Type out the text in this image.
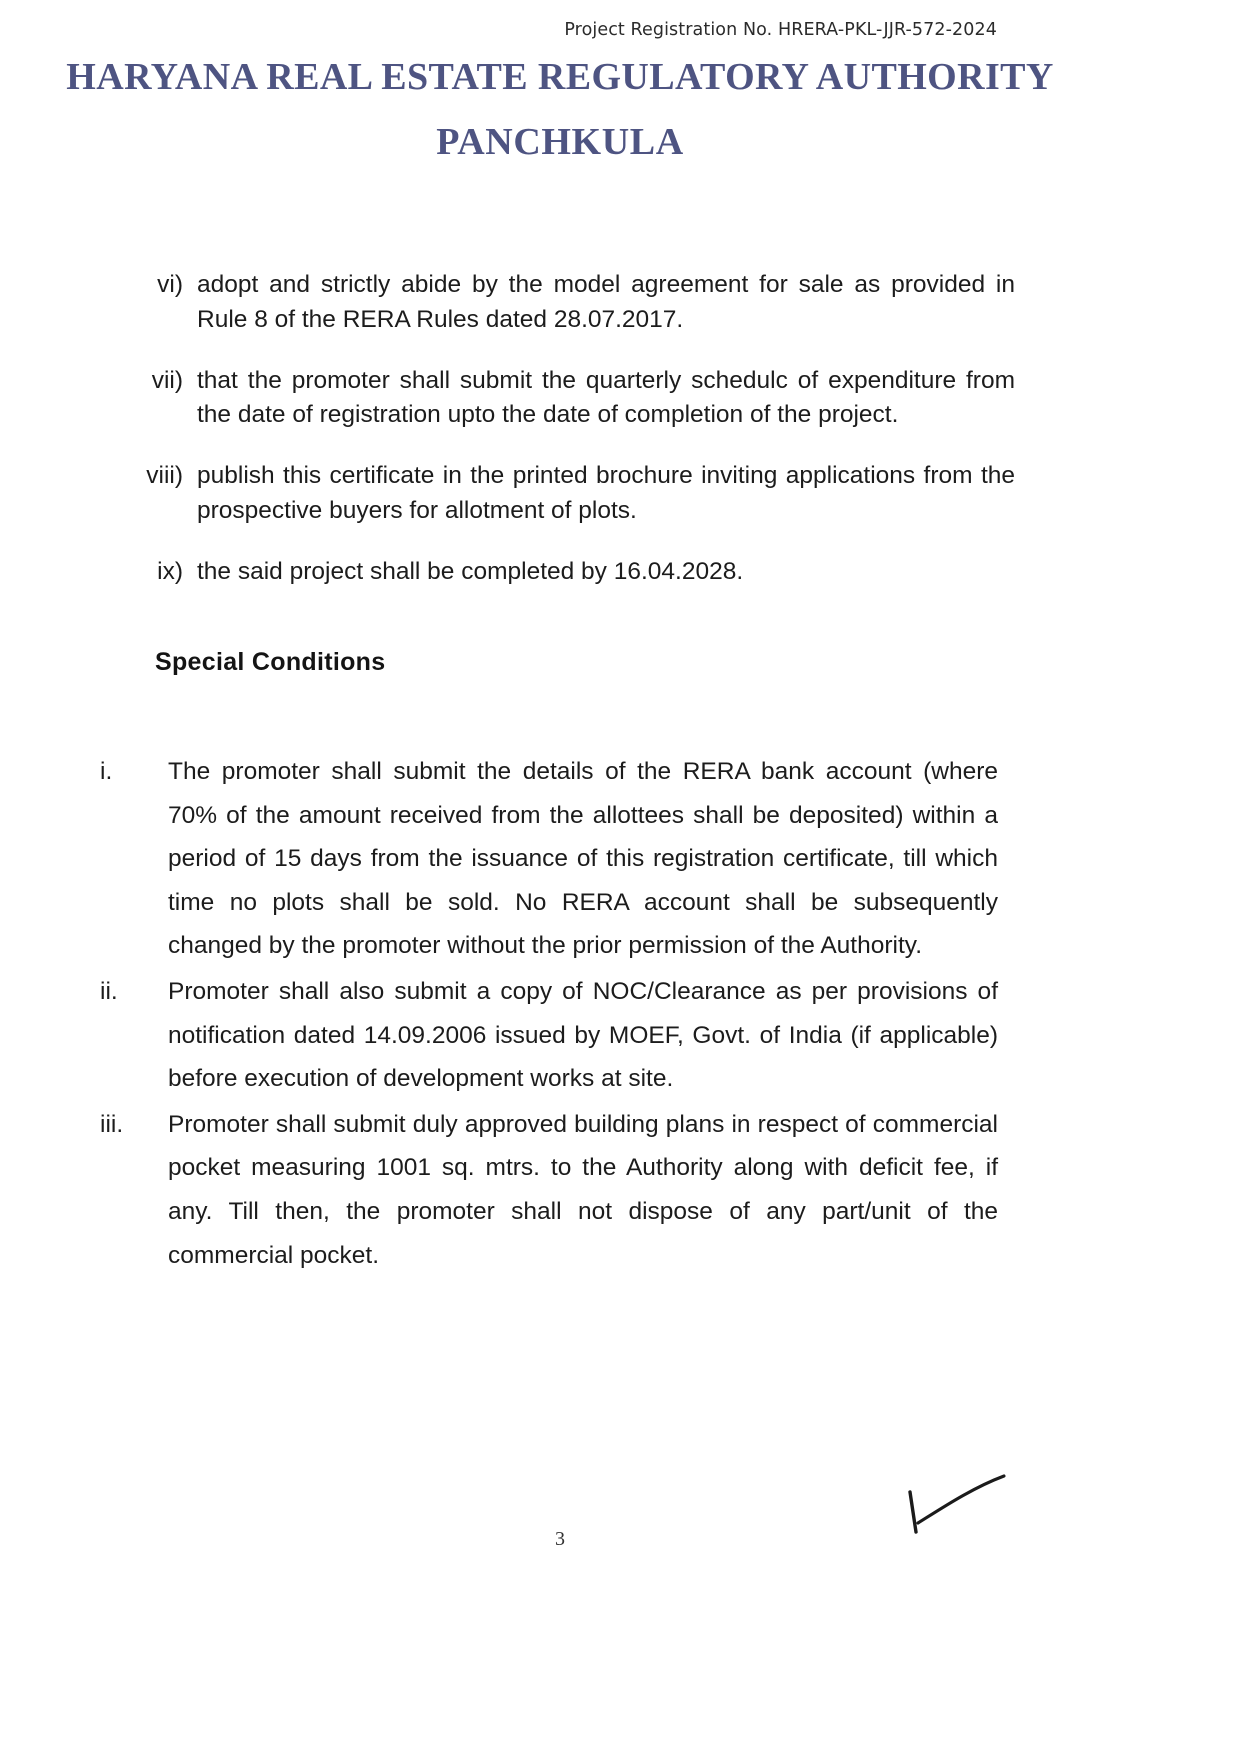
Project Registration No. HRERA-PKL-JJR-572-2024
HARYANA REAL ESTATE REGULATORY AUTHORITY
PANCHKULA
vi) adopt and strictly abide by the model agreement for sale as provided in Rule 8 of the RERA Rules dated 28.07.2017.
vii) that the promoter shall submit the quarterly schedulc of expenditure from the date of registration upto the date of completion of the project.
viii) publish this certificate in the printed brochure inviting applications from the prospective buyers for allotment of plots.
ix) the said project shall be completed by 16.04.2028.
Special Conditions
i.	The promoter shall submit the details of the RERA bank account (where 70% of the amount received from the allottees shall be deposited) within a period of 15 days from the issuance of this registration certificate, till which time no plots shall be sold. No RERA account shall be subsequently changed by the promoter without the prior permission of the Authority.
ii.	Promoter shall also submit a copy of NOC/Clearance as per provisions of notification dated 14.09.2006 issued by MOEF, Govt. of India (if applicable) before execution of development works at site.
iii.	Promoter shall submit duly approved building plans in respect of commercial pocket measuring 1001 sq. mtrs. to the Authority along with deficit fee, if any. Till then, the promoter shall not dispose of any part/unit of the commercial pocket.
3
